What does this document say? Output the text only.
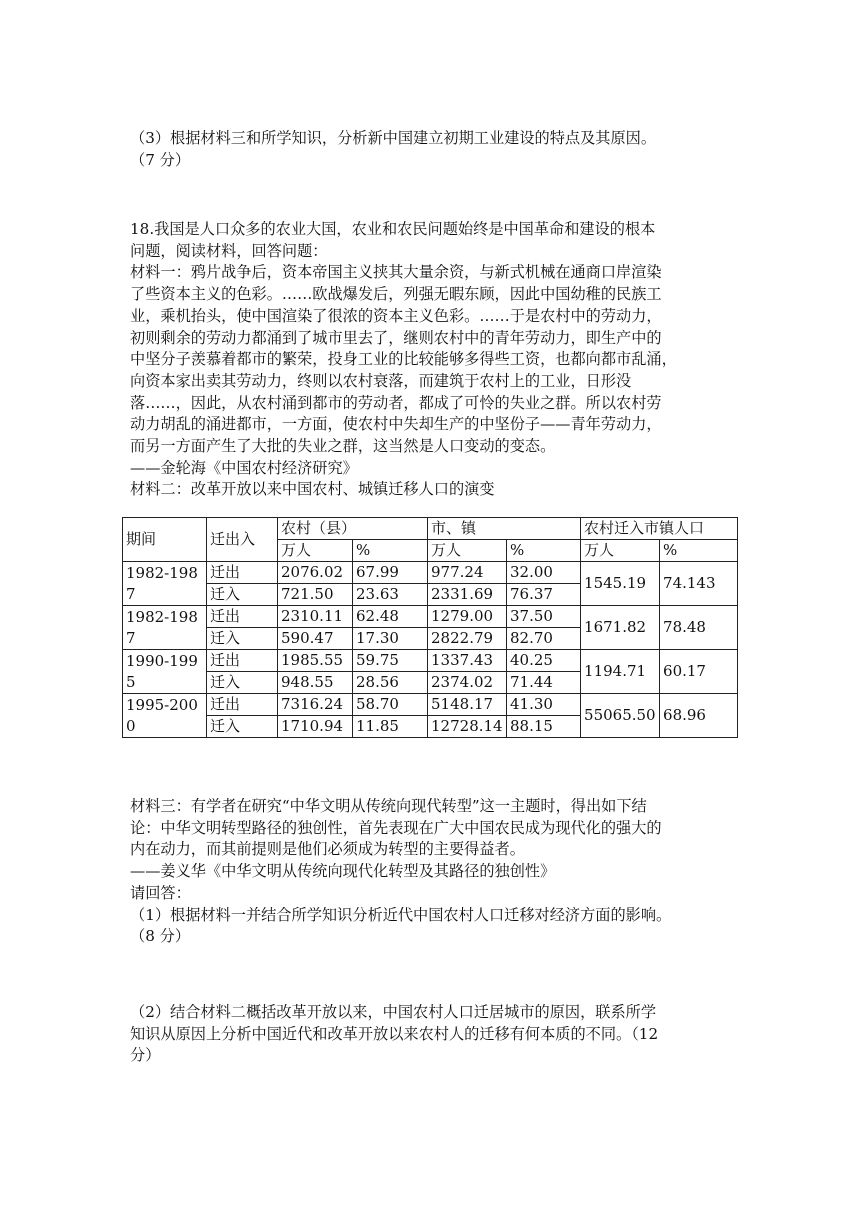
（3）根据材料三和所学知识，分析新中国建立初期工业建设的特点及其原因。
（7 分）
18.我国是人口众多的农业大国，农业和农民问题始终是中国革命和建设的根本
问题，阅读材料，回答问题：
材料一：鸦片战争后，资本帝国主义挟其大量余资，与新式机械在通商口岸渲染
了些资本主义的色彩。……欧战爆发后，列强无暇东顾，因此中国幼稚的民族工
业，乘机抬头，使中国渲染了很浓的资本主义色彩。……于是农村中的劳动力，
初则剩余的劳动力都涌到了城市里去了，继则农村中的青年劳动力，即生产中的
中坚分子羡慕着都市的繁荣，投身工业的比较能够多得些工资，也都向都市乱涌，
向资本家出卖其劳动力，终则以农村衰落，而建筑于农村上的工业，日形没
落……，因此，从农村涌到都市的劳动者，都成了可怜的失业之群。所以农村劳
动力胡乱的涌进都市，一方面，使农村中失却生产的中坚份子——青年劳动力，
而另一方面产生了大批的失业之群，这当然是人口变动的变态。
——金轮海《中国农村经济研究》
材料二：改革开放以来中国农村、城镇迁移人口的演变
期间	迁出入	农村（县）		市、镇		农村迁入市镇人口	
		万人	%	万人	%	万人	%
1982-1987	迁出	2076.02	67.99	977.24	32.00	1545.19	74.143
	迁入	721.50	23.63	2331.69	76.37		
1982-1987	迁出	2310.11	62.48	1279.00	37.50	1671.82	78.48
	迁入	590.47	17.30	2822.79	82.70		
1990-1995	迁出	1985.55	59.75	1337.43	40.25	1194.71	60.17
	迁入	948.55	28.56	2374.02	71.44		
1995-2000	迁出	7316.24	58.70	5148.17	41.30	55065.50	68.96
	迁入	1710.94	11.85	12728.14	88.15		
材料三：有学者在研究“中华文明从传统向现代转型”这一主题时，得出如下结
论：中华文明转型路径的独创性，首先表现在广大中国农民成为现代化的强大的
内在动力，而其前提则是他们必须成为转型的主要得益者。
——姜义华《中华文明从传统向现代化转型及其路径的独创性》
请回答：
（1）根据材料一并结合所学知识分析近代中国农村人口迁移对经济方面的影响。
（8 分）
（2）结合材料二概括改革开放以来，中国农村人口迁居城市的原因，联系所学
知识从原因上分析中国近代和改革开放以来农村人的迁移有何本质的不同。（12
分）
